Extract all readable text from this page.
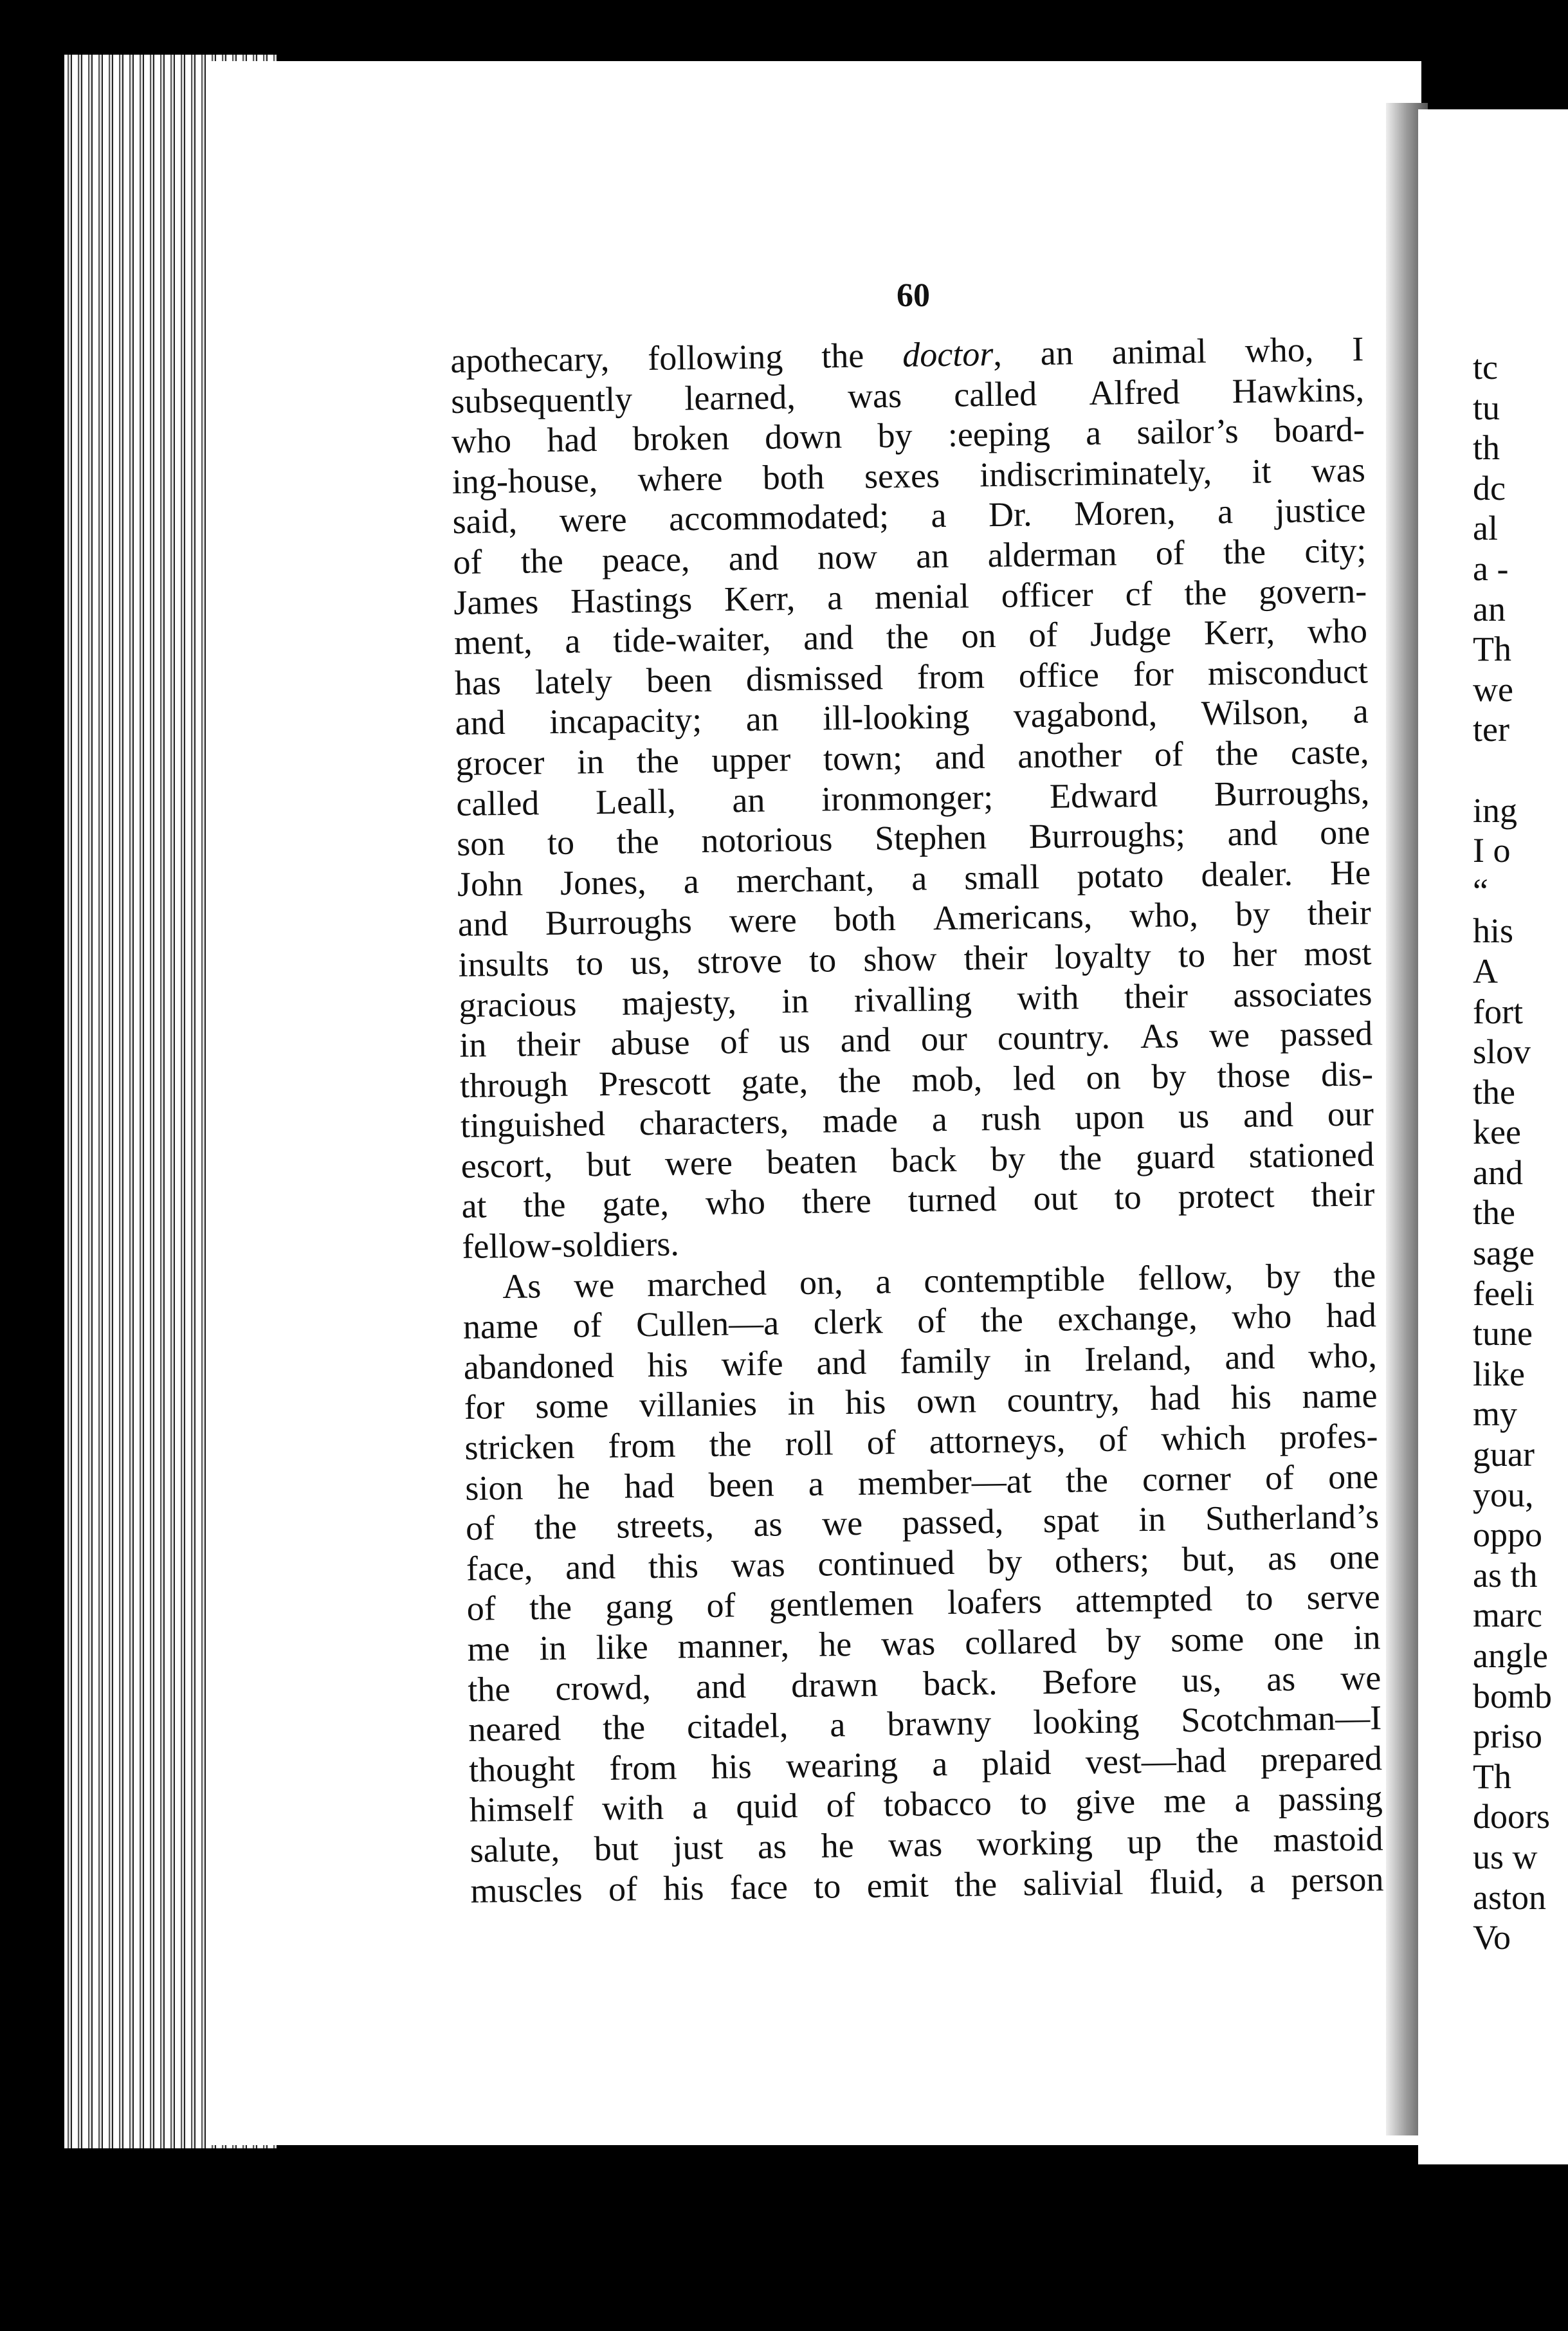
60
apothecary, following the doctor, an animal who, I
subsequently learned, was called Alfred Hawkins,
who had broken down by :eeping a sailor’s board-
ing-house, where both sexes indiscriminately, it was
said, were accommodated; a Dr. Moren, a justice
of the peace, and now an alderman of the city;
James Hastings Kerr, a menial officer cf the govern-
ment, a tide-waiter, and the on of Judge Kerr, who
has lately been dismissed from office for misconduct
and incapacity; an ill-looking vagabond, Wilson, a
grocer in the upper town; and another of the caste,
called Leall, an ironmonger; Edward Burroughs,
son to the notorious Stephen Burroughs; and one
John Jones, a merchant, a small potato dealer. He
and Burroughs were both Americans, who, by their
insults to us, strove to show their loyalty to her most
gracious majesty, in rivalling with their associates
in their abuse of us and our country. As we passed
through Prescott gate, the mob, led on by those dis-
tinguished characters, made a rush upon us and our
escort, but were beaten back by the guard stationed
at the gate, who there turned out to protect their
fellow-soldiers.
As we marched on, a contemptible fellow, by the
name of Cullen—a clerk of the exchange, who had
abandoned his wife and family in Ireland, and who,
for some villanies in his own country, had his name
stricken from the roll of attorneys, of which profes-
sion he had been a member—at the corner of one
of the streets, as we passed, spat in Sutherland’s
face, and this was continued by others; but, as one
of the gang of gentlemen loafers attempted to serve
me in like manner, he was collared by some one in
the crowd, and drawn back. Before us, as we
neared the citadel, a brawny looking Scotchman—I
thought from his wearing a plaid vest—had prepared
himself with a quid of tobacco to give me a passing
salute, but just as he was working up the mastoid
muscles of his face to emit the salivial fluid, a person
tc
tu
th
dc
al
a -
an
Th
we
ter
ing
I o
“
his
A
fort
slov
the
kee
and
the
sage
feeli
tune
like
my
guar
you,
oppo
as th
marc
angle
bomb
priso
Th
doors
us w
aston
Vo
